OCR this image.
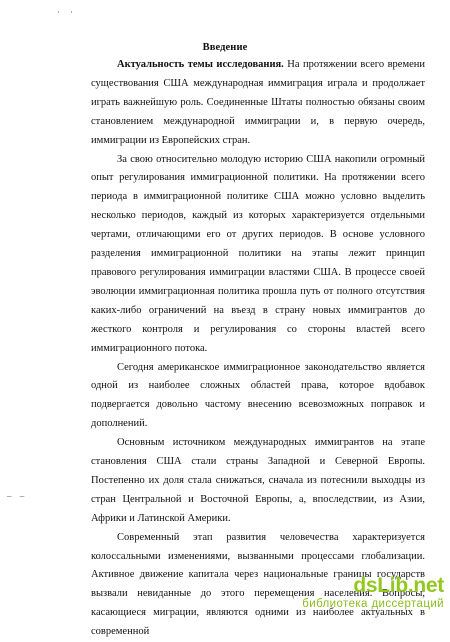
· ·
– –
Введение

Актуальность темы исследования. На протяжении всего времени существования США международная иммиграция играла и продолжает играть важнейшую роль. Соединенные Штаты полностью обязаны своим становлением международной иммиграции и, в первую очередь, иммиграции из Европейских стран.

За свою относительно молодую историю США накопили огромный опыт регулирования иммиграционной политики. На протяжении всего периода в иммиграционной политике США можно условно выделить несколько периодов, каждый из которых характеризуется отдельными чертами, отличающими его от других периодов. В основе условного разделения иммиграционной политики на этапы лежит принцип правового регулирования иммиграции властями США. В процессе своей эволюции иммиграционная политика прошла путь от полного отсутствия каких-либо ограничений на въезд в страну новых иммигрантов до жесткого контроля и регулирования со стороны властей всего иммиграционного потока.

Сегодня американское иммиграционное законодательство является одной из наиболее сложных областей права, которое вдобавок подвергается довольно частому внесению всевозможных поправок и дополнений.

Основным источником международных иммигрантов на этапе становления США стали страны Западной и Северной Европы. Постепенно их доля стала снижаться, сначала из потеснили выходцы из стран Центральной и Восточной Европы, а, впоследствии, из Азии, Африки и Латинской Америки.

Современный этап развития человечества характеризуется колоссальными изменениями, вызванными процессами глобализации. Активное движение капитала через национальные границы государств вызвали невиданные до этого перемещения населения. Вопросы, касающиеся миграции, являются одними из наиболее актуальных в современной

dsLib.net
библиотека диссертаций
